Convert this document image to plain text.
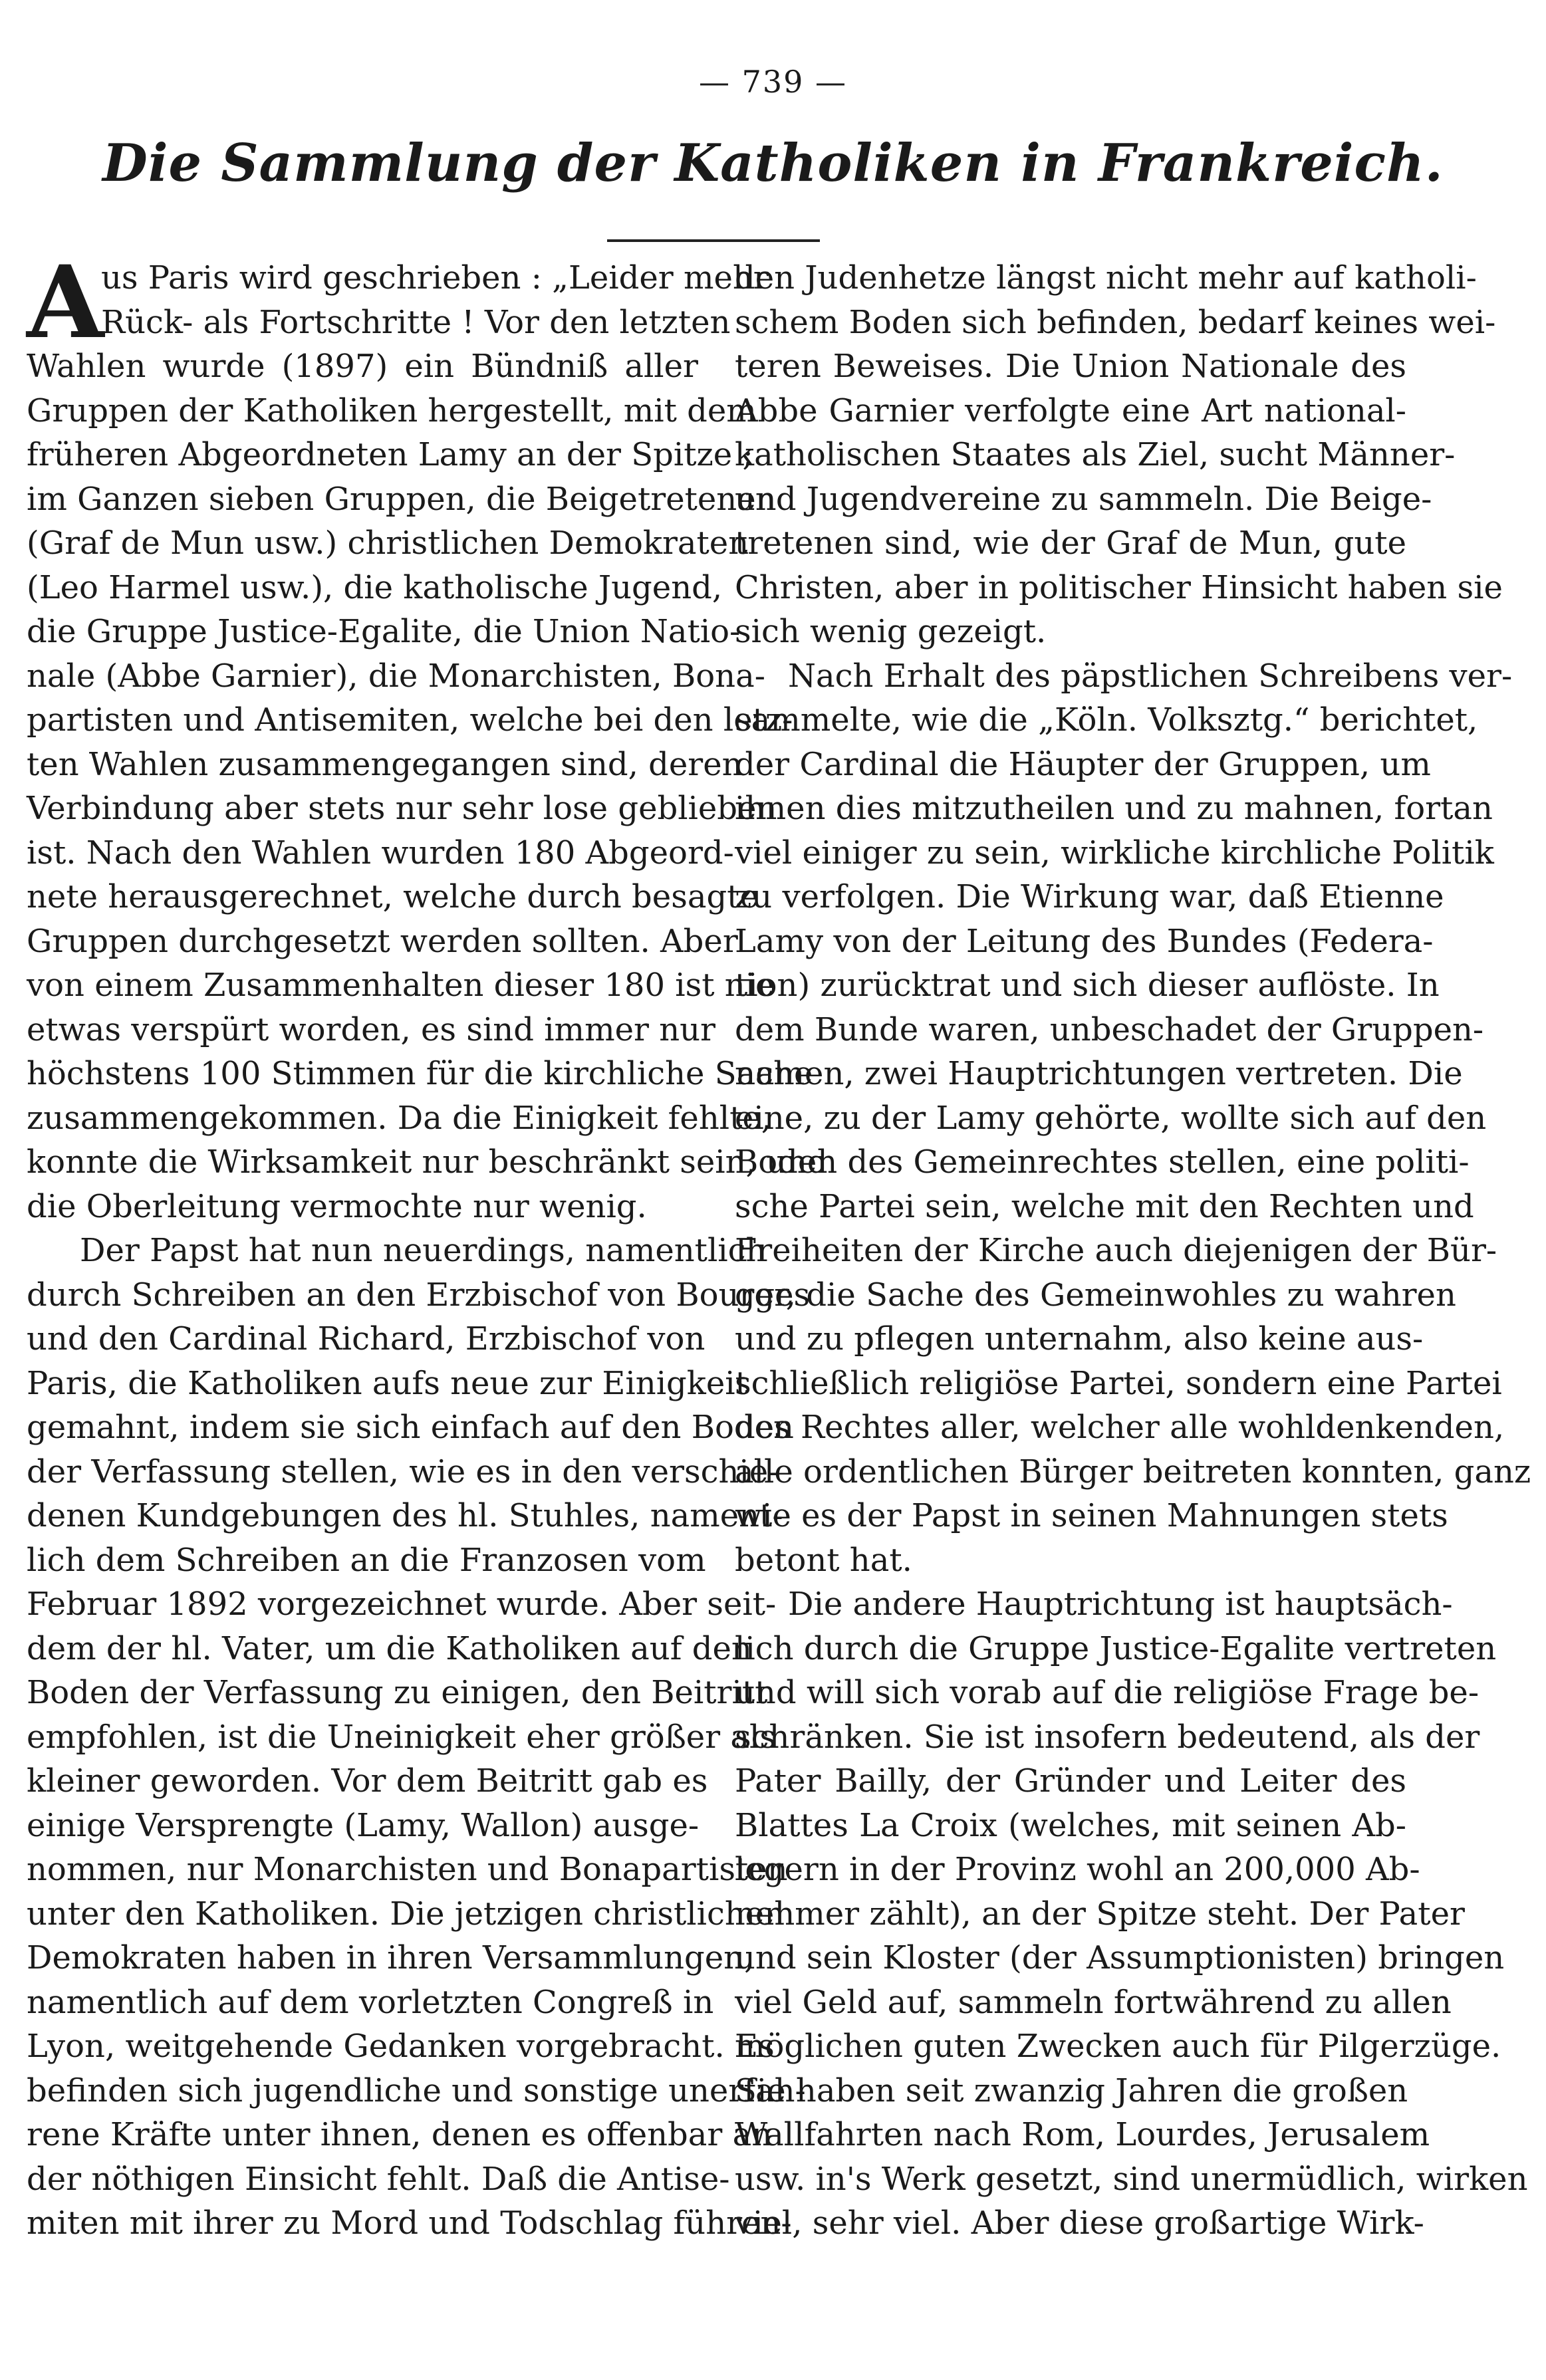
— 739 —
Die Sammlung der Katholiken in Frankreich.
A
us Paris wird geschrieben : „Leider mehr
Rück- als Fortschritte ! Vor den letzten
Wahlen wurde (1897) ein Bündniß aller
Gruppen der Katholiken hergestellt, mit dem
früheren Abgeordneten Lamy an der Spitze ;
im Ganzen sieben Gruppen, die Beigetretenen
(Graf de Mun usw.) christlichen Demokraten
(Leo Harmel usw.), die katholische Jugend,
die Gruppe Justice-Egalite, die Union Natio-
nale (Abbe Garnier), die Monarchisten, Bona-
partisten und Antisemiten, welche bei den letz-
ten Wahlen zusammengegangen sind, deren
Verbindung aber stets nur sehr lose geblieben
ist. Nach den Wahlen wurden 180 Abgeord-
nete herausgerechnet, welche durch besagte
Gruppen durchgesetzt werden sollten. Aber
von einem Zusammenhalten dieser 180 ist nie
etwas verspürt worden, es sind immer nur
höchstens 100 Stimmen für die kirchliche Sache
zusammengekommen. Da die Einigkeit fehlte,
konnte die Wirksamkeit nur beschränkt sein, und
die Oberleitung vermochte nur wenig.
Der Papst hat nun neuerdings, namentlich
durch Schreiben an den Erzbischof von Bourges
und den Cardinal Richard, Erzbischof von
Paris, die Katholiken aufs neue zur Einigkeit
gemahnt, indem sie sich einfach auf den Boden
der Verfassung stellen, wie es in den verschie-
denen Kundgebungen des hl. Stuhles, nament-
lich dem Schreiben an die Franzosen vom
Februar 1892 vorgezeichnet wurde. Aber seit-
dem der hl. Vater, um die Katholiken auf den
Boden der Verfassung zu einigen, den Beitritt
empfohlen, ist die Uneinigkeit eher größer als
kleiner geworden. Vor dem Beitritt gab es
einige Versprengte (Lamy, Wallon) ausge-
nommen, nur Monarchisten und Bonapartisten
unter den Katholiken. Die jetzigen christlichen
Demokraten haben in ihren Versammlungen,
namentlich auf dem vorletzten Congreß in
Lyon, weitgehende Gedanken vorgebracht. Es
befinden sich jugendliche und sonstige unerfah-
rene Kräfte unter ihnen, denen es offenbar an
der nöthigen Einsicht fehlt. Daß die Antise-
miten mit ihrer zu Mord und Todschlag führen-
den Judenhetze längst nicht mehr auf katholi-
schem Boden sich befinden, bedarf keines wei-
teren Beweises. Die Union Nationale des
Abbe Garnier verfolgte eine Art national-
katholischen Staates als Ziel, sucht Männer-
und Jugendvereine zu sammeln. Die Beige-
tretenen sind, wie der Graf de Mun, gute
Christen, aber in politischer Hinsicht haben sie
sich wenig gezeigt.
Nach Erhalt des päpstlichen Schreibens ver-
sammelte, wie die „Köln. Volksztg.“ berichtet,
der Cardinal die Häupter der Gruppen, um
ihnen dies mitzutheilen und zu mahnen, fortan
viel einiger zu sein, wirkliche kirchliche Politik
zu verfolgen. Die Wirkung war, daß Etienne
Lamy von der Leitung des Bundes (Federa-
tion) zurücktrat und sich dieser auflöste. In
dem Bunde waren, unbeschadet der Gruppen-
namen, zwei Hauptrichtungen vertreten. Die
eine, zu der Lamy gehörte, wollte sich auf den
Boden des Gemeinrechtes stellen, eine politi-
sche Partei sein, welche mit den Rechten und
Freiheiten der Kirche auch diejenigen der Bür-
ger, die Sache des Gemeinwohles zu wahren
und zu pflegen unternahm, also keine aus-
schließlich religiöse Partei, sondern eine Partei
des Rechtes aller, welcher alle wohldenkenden,
alle ordentlichen Bürger beitreten konnten, ganz
wie es der Papst in seinen Mahnungen stets
betont hat.
Die andere Hauptrichtung ist hauptsäch-
lich durch die Gruppe Justice-Egalite vertreten
und will sich vorab auf die religiöse Frage be-
schränken. Sie ist insofern bedeutend, als der
Pater Bailly, der Gründer und Leiter des
Blattes La Croix (welches, mit seinen Ab-
legern in der Provinz wohl an 200,000 Ab-
nehmer zählt), an der Spitze steht. Der Pater
und sein Kloster (der Assumptionisten) bringen
viel Geld auf, sammeln fortwährend zu allen
möglichen guten Zwecken auch für Pilgerzüge.
Sie haben seit zwanzig Jahren die großen
Wallfahrten nach Rom, Lourdes, Jerusalem
usw. in's Werk gesetzt, sind unermüdlich, wirken
viel, sehr viel. Aber diese großartige Wirk-
